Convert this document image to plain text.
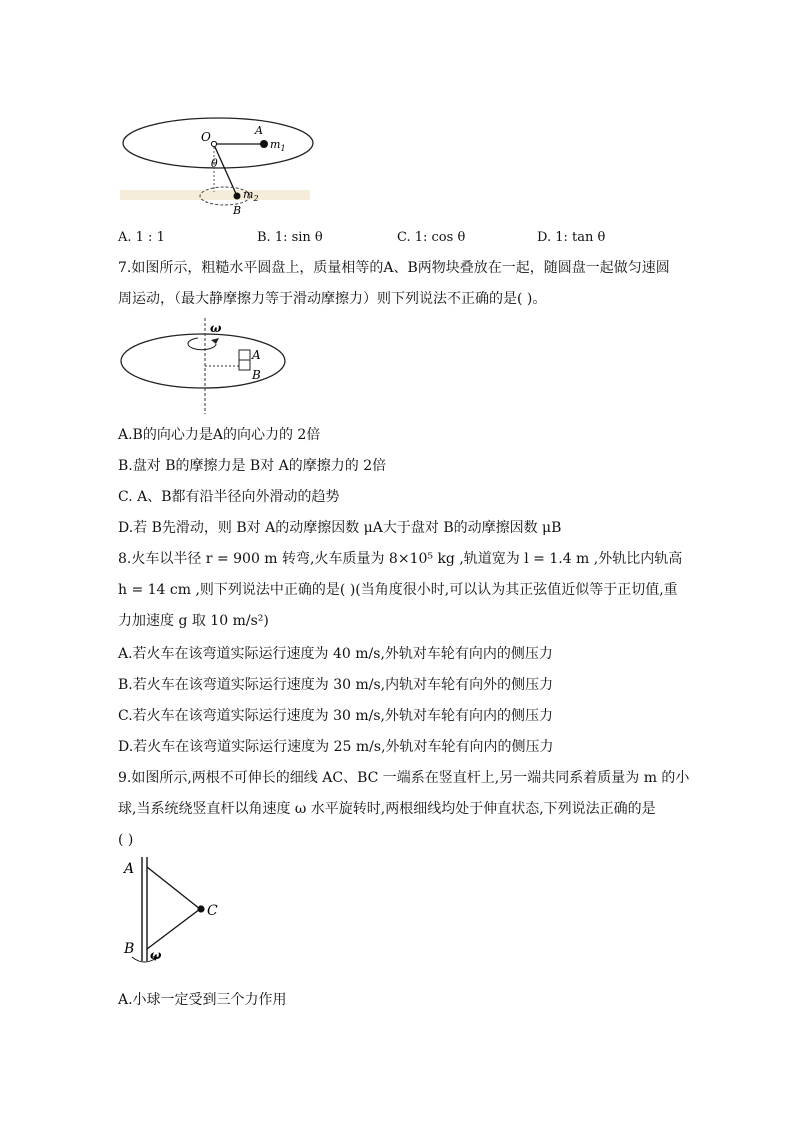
O	A
$m_1$
θ
$m_2$
B
A. 1 : 1	B. 1: sin θ	C. 1: cos θ	D. 1: tan θ
7.如图所示，粗糙水平圆盘上，质量相等的A、B两物块叠放在一起，随圆盘一起做匀速圆
周运动，（最大静摩擦力等于滑动摩擦力）则下列说法不正确的是( )。
ω
A
B
A.B的向心力是A的向心力的 2倍
B.盘对 B的摩擦力是 B对 A的摩擦力的 2倍
C. A、B都有沿半径向外滑动的趋势
D.若 B先滑动，则 B对 A的动摩擦因数 μA大于盘对 B的动摩擦因数 μB
8.火车以半径 r = 900 m 转弯,火车质量为 8×10⁵ kg ,轨道宽为 l = 1.4 m ,外轨比内轨高
h = 14 cm ,则下列说法中正确的是( )(当角度很小时,可以认为其正弦值近似等于正切值,重
力加速度 g 取 10 m/s²)
A.若火车在该弯道实际运行速度为 40 m/s,外轨对车轮有向内的侧压力
B.若火车在该弯道实际运行速度为 30 m/s,内轨对车轮有向外的侧压力
C.若火车在该弯道实际运行速度为 30 m/s,外轨对车轮有向内的侧压力
D.若火车在该弯道实际运行速度为 25 m/s,外轨对车轮有向内的侧压力
9.如图所示,两根不可伸长的细线 AC、BC 一端系在竖直杆上,另一端共同系着质量为 m 的小
球,当系统绕竖直杆以角速度 ω 水平旋转时,两根细线均处于伸直状态,下列说法正确的是
( )
A
B
C
ω
A.小球一定受到三个力作用
